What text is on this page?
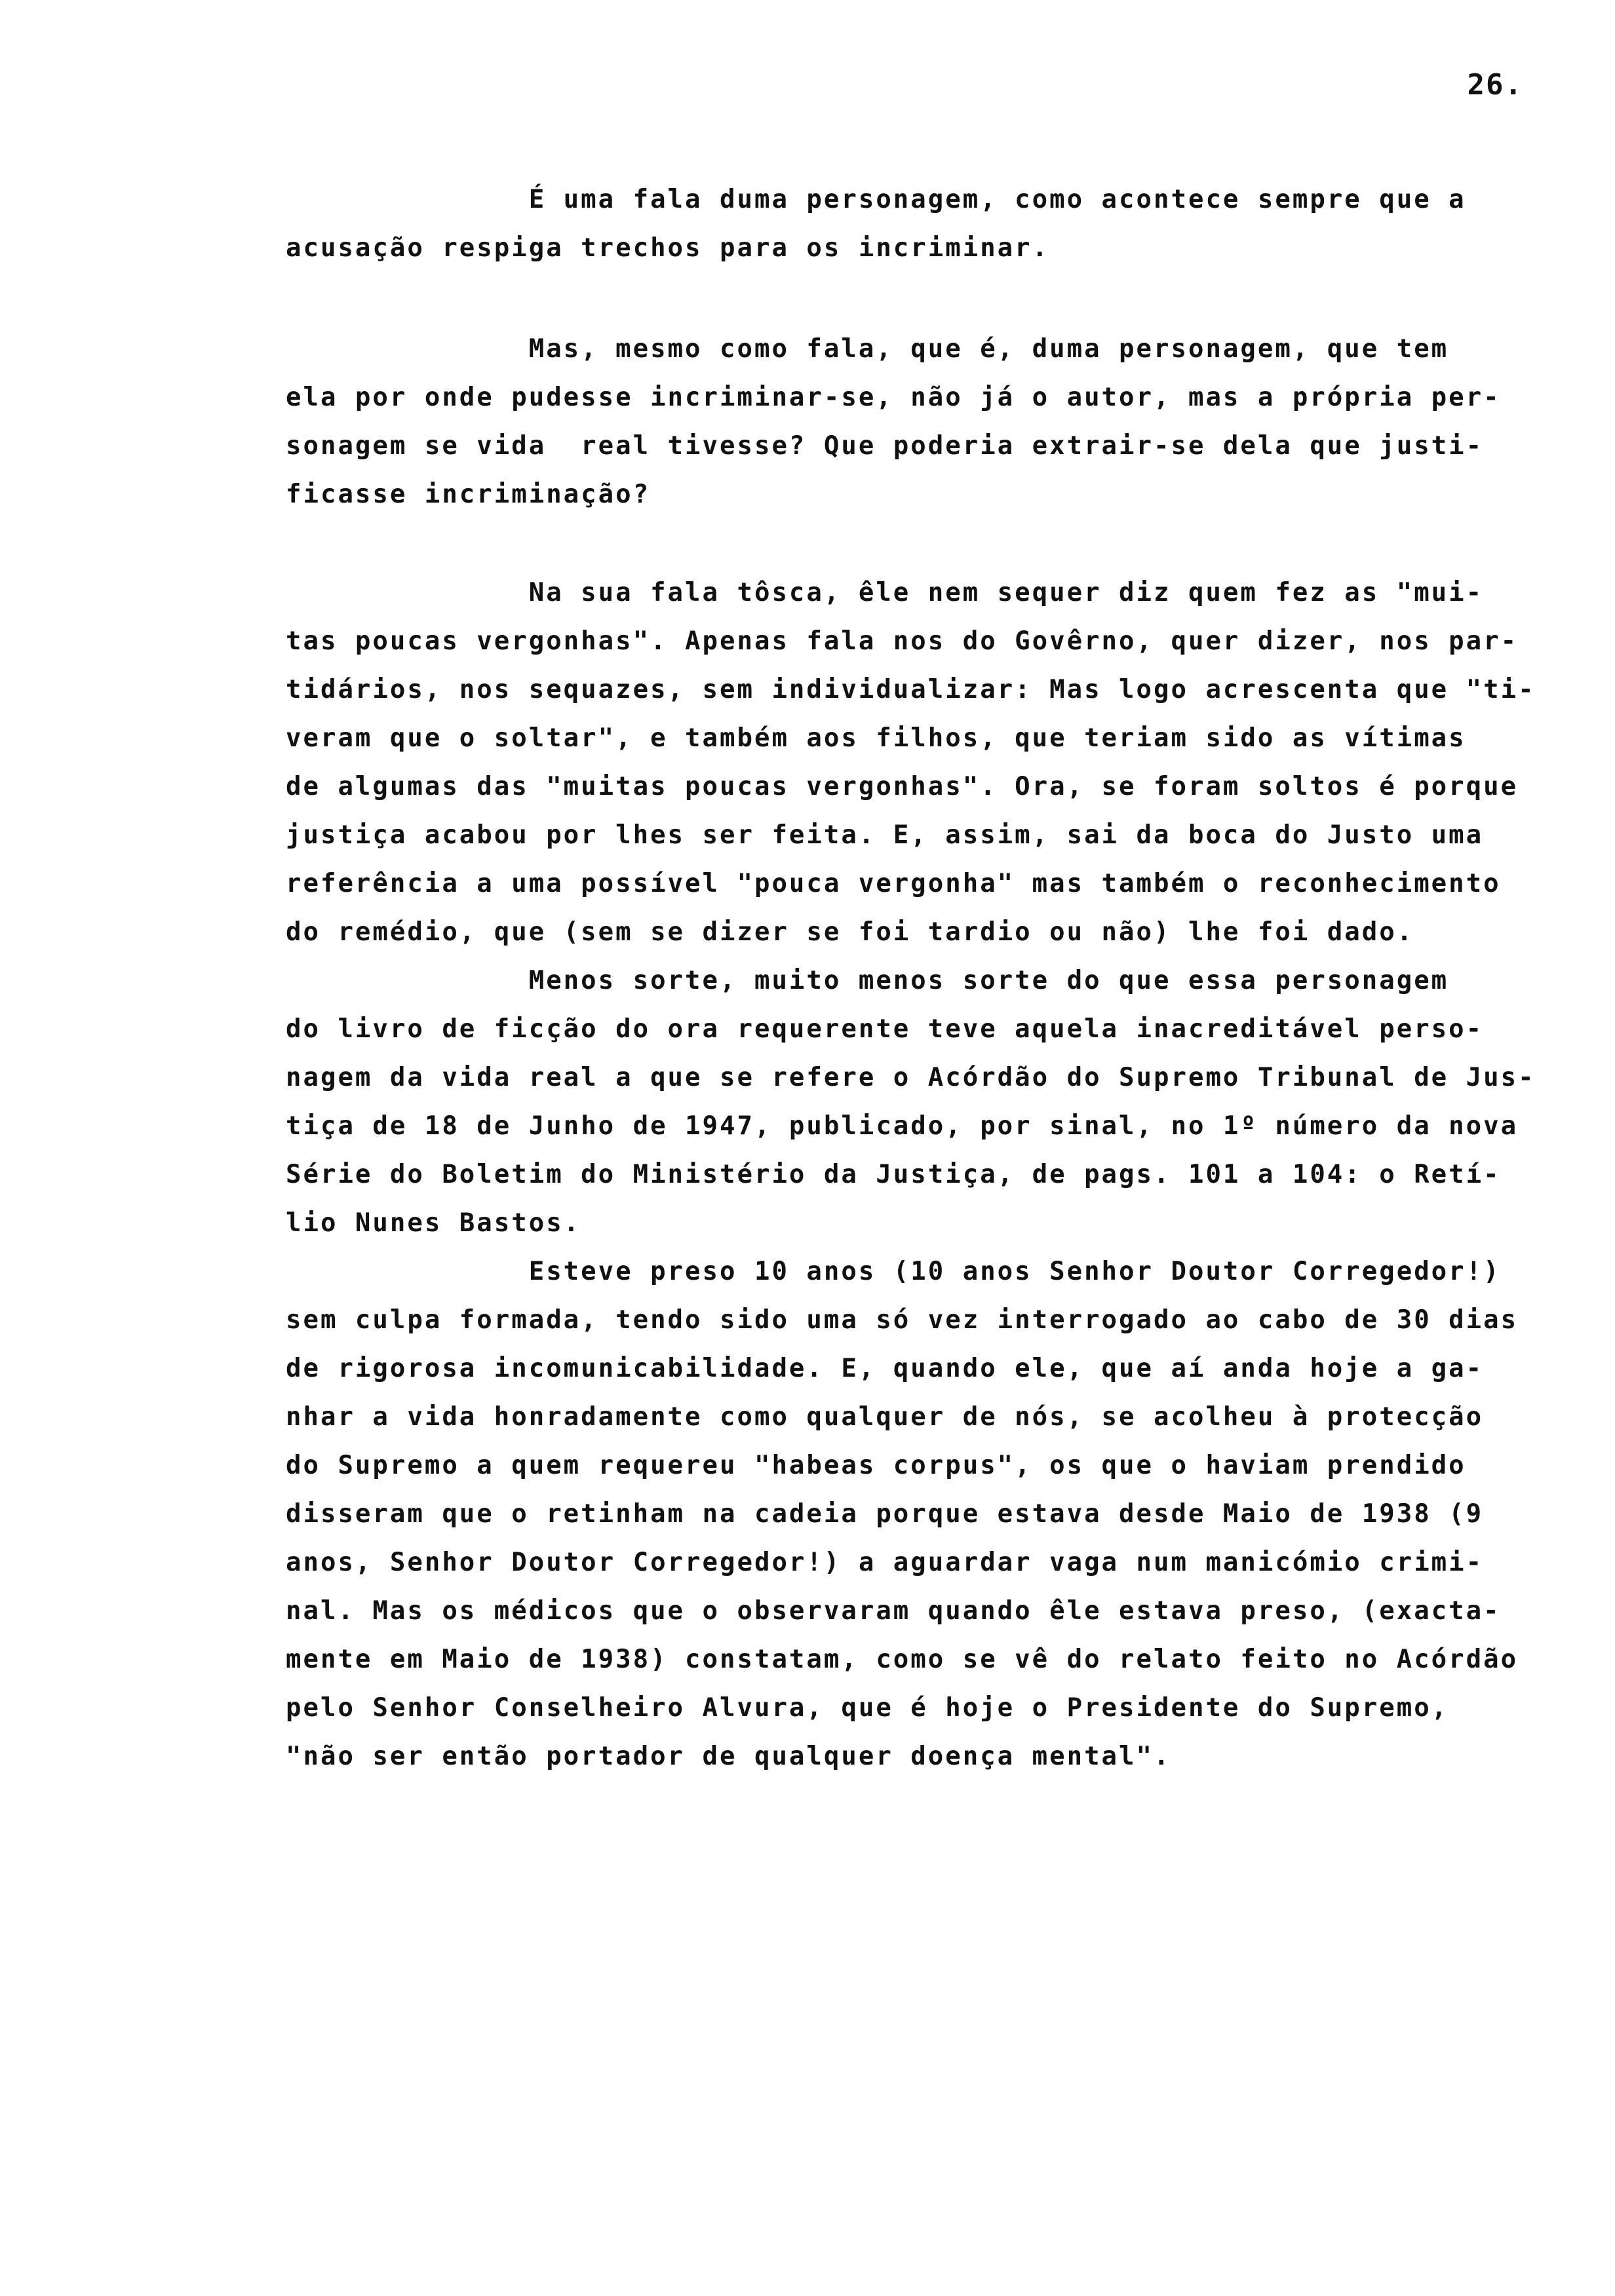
26.
É uma fala duma personagem, como acontece sempre que a
acusação respiga trechos para os incriminar.
Mas, mesmo como fala, que é, duma personagem, que tem
ela por onde pudesse incriminar-se, não já o autor, mas a própria per-
sonagem se vida  real tivesse? Que poderia extrair-se dela que justi-
ficasse incriminação?
Na sua fala tôsca, êle nem sequer diz quem fez as "mui-
tas poucas vergonhas". Apenas fala nos do Govêrno, quer dizer, nos par-
tidários, nos sequazes, sem individualizar: Mas logo acrescenta que "ti-
veram que o soltar", e também aos filhos, que teriam sido as vítimas
de algumas das "muitas poucas vergonhas". Ora, se foram soltos é porque
justiça acabou por lhes ser feita. E, assim, sai da boca do Justo uma
referência a uma possível "pouca vergonha" mas também o reconhecimento
do remédio, que (sem se dizer se foi tardio ou não) lhe foi dado.
Menos sorte, muito menos sorte do que essa personagem
do livro de ficção do ora requerente teve aquela inacreditável perso-
nagem da vida real a que se refere o Acórdão do Supremo Tribunal de Jus-
tiça de 18 de Junho de 1947, publicado, por sinal, no 1º número da nova
Série do Boletim do Ministério da Justiça, de pags. 101 a 104: o Retí-
lio Nunes Bastos.
Esteve preso 10 anos (10 anos Senhor Doutor Corregedor!)
sem culpa formada, tendo sido uma só vez interrogado ao cabo de 30 dias
de rigorosa incomunicabilidade. E, quando ele, que aí anda hoje a ga-
nhar a vida honradamente como qualquer de nós, se acolheu à protecção
do Supremo a quem requereu "habeas corpus", os que o haviam prendido
disseram que o retinham na cadeia porque estava desde Maio de 1938 (9
anos, Senhor Doutor Corregedor!) a aguardar vaga num manicómio crimi-
nal. Mas os médicos que o observaram quando êle estava preso, (exacta-
mente em Maio de 1938) constatam, como se vê do relato feito no Acórdão
pelo Senhor Conselheiro Alvura, que é hoje o Presidente do Supremo,
"não ser então portador de qualquer doença mental".
